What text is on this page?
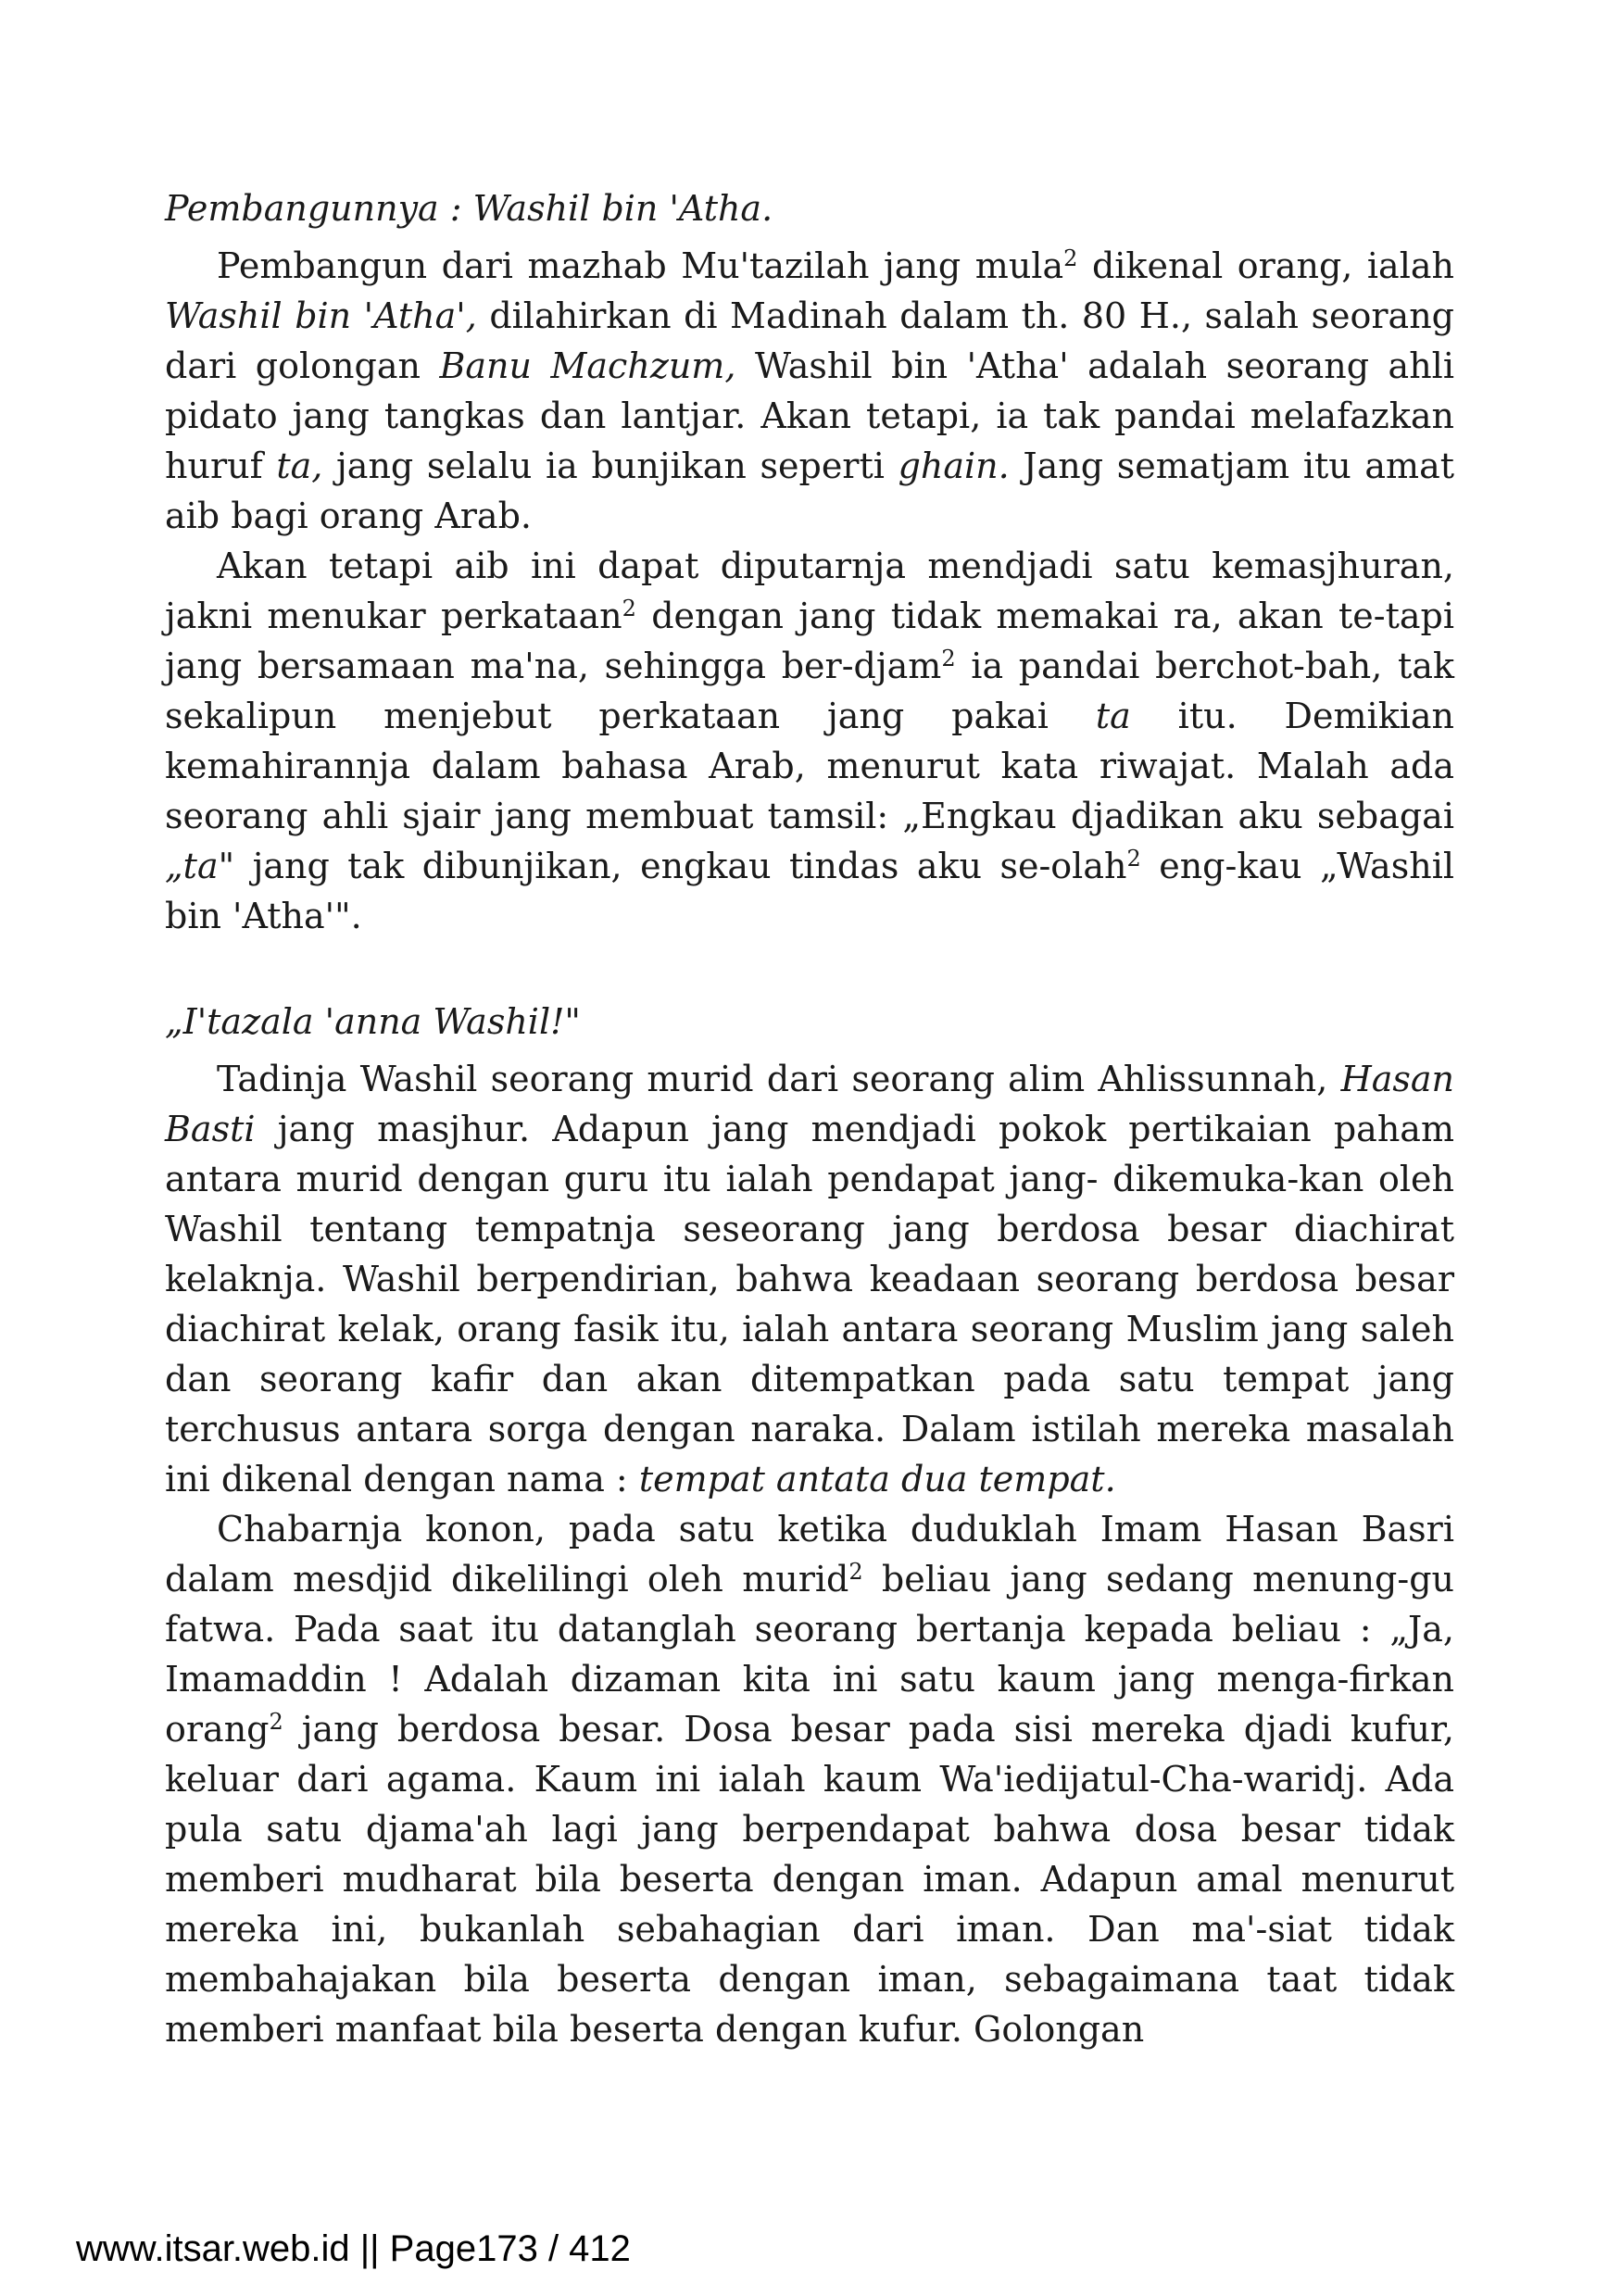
Pembangunnya : Washil bin 'Atha.

Pembangun dari mazhab Mu'tazilah jang mula$^2$ dikenal orang, ialah Washil bin 'Atha', dilahirkan di Madinah dalam th. 80 H., salah seorang dari golongan Banu Machzum, Washil bin 'Atha' adalah seorang ahli pidato jang tangkas dan lantjar. Akan tetapi, ia tak pandai melafazkan huruf ta, jang selalu ia bunjikan seperti ghain. Jang sematjam itu amat aib bagi orang Arab.

Akan tetapi aib ini dapat diputarnja mendjadi satu kemasjhuran, jakni menukar perkataan$^2$ dengan jang tidak memakai ra, akan te-tapi jang bersamaan ma'na, sehingga ber-djam$^2$ ia pandai berchot-bah, tak sekalipun menjebut perkataan jang pakai ta itu. Demikian kemahirannja dalam bahasa Arab, menurut kata riwajat. Malah ada seorang ahli sjair jang membuat tamsil: „Engkau djadikan aku sebagai „ta" jang tak dibunjikan, engkau tindas aku se-olah$^2$ eng-kau „Washil bin 'Atha'".

„I'tazala 'anna Washil!"

Tadinja Washil seorang murid dari seorang alim Ahlissunnah, Hasan Basti jang masjhur. Adapun jang mendjadi pokok pertikaian paham antara murid dengan guru itu ialah pendapat jang- dikemuka-kan oleh Washil tentang tempatnja seseorang jang berdosa besar diachirat kelaknja. Washil berpendirian, bahwa keadaan seorang berdosa besar diachirat kelak, orang fasik itu, ialah antara seorang Muslim jang saleh dan seorang kafir dan akan ditempatkan pada satu tempat jang terchusus antara sorga dengan naraka. Dalam istilah mereka masalah ini dikenal dengan nama : tempat antata dua tempat.

Chabarnja konon, pada satu ketika duduklah Imam Hasan Basri dalam mesdjid dikelilingi oleh murid$^2$ beliau jang sedang menung-gu fatwa. Pada saat itu datanglah seorang bertanja kepada beliau : „Ja, Imamaddin ! Adalah dizaman kita ini satu kaum jang menga-firkan orang$^2$ jang berdosa besar. Dosa besar pada sisi mereka djadi kufur, keluar dari agama. Kaum ini ialah kaum Wa'iedijatul-Cha-waridj. Ada pula satu djama'ah lagi jang berpendapat bahwa dosa besar tidak memberi mudharat bila beserta dengan iman. Adapun amal menurut mereka ini, bukanlah sebahagian dari iman. Dan ma'-siat tidak membahajakan bila beserta dengan iman, sebagaimana taat tidak memberi manfaat bila beserta dengan kufur. Golongan

www.itsar.web.id || Page173 / 412
